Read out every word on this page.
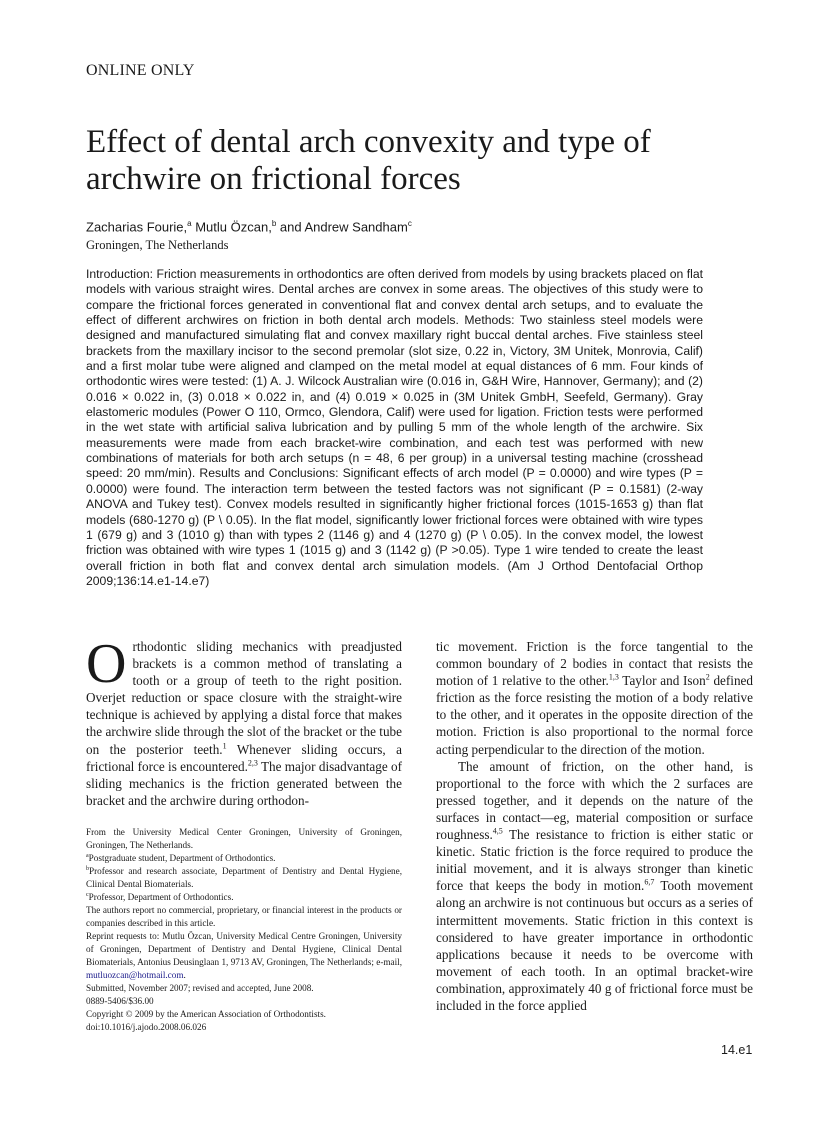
ONLINE ONLY
Effect of dental arch convexity and type of archwire on frictional forces
Zacharias Fourie,$^a$ Mutlu Özcan,$^b$ and Andrew Sandham$^c$
Groningen, The Netherlands

Introduction: Friction measurements in orthodontics are often derived from models by using brackets placed on flat models with various straight wires. Dental arches are convex in some areas. The objectives of this study were to compare the frictional forces generated in conventional flat and convex dental arch setups, and to evaluate the effect of different archwires on friction in both dental arch models. Methods: Two stainless steel models were designed and manufactured simulating flat and convex maxillary right buccal dental arches. Five stainless steel brackets from the maxillary incisor to the second premolar (slot size, 0.22 in, Victory, 3M Unitek, Monrovia, Calif) and a first molar tube were aligned and clamped on the metal model at equal distances of 6 mm. Four kinds of orthodontic wires were tested: (1) A. J. Wilcock Australian wire (0.016 in, G&H Wire, Hannover, Germany); and (2) 0.016 × 0.022 in, (3) 0.018 × 0.022 in, and (4) 0.019 × 0.025 in (3M Unitek GmbH, Seefeld, Germany). Gray elastomeric modules (Power O 110, Ormco, Glendora, Calif) were used for ligation. Friction tests were performed in the wet state with artificial saliva lubrication and by pulling 5 mm of the whole length of the archwire. Six measurements were made from each bracket-wire combination, and each test was performed with new combinations of materials for both arch setups (n = 48, 6 per group) in a universal testing machine (crosshead speed: 20 mm/min). Results and Conclusions: Significant effects of arch model (P = 0.0000) and wire types (P = 0.0000) were found. The interaction term between the tested factors was not significant (P = 0.1581) (2-way ANOVA and Tukey test). Convex models resulted in significantly higher frictional forces (1015-1653 g) than flat models (680-1270 g) (P \ 0.05). In the flat model, significantly lower frictional forces were obtained with wire types 1 (679 g) and 3 (1010 g) than with types 2 (1146 g) and 4 (1270 g) (P \ 0.05). In the convex model, the lowest friction was obtained with wire types 1 (1015 g) and 3 (1142 g) (P >0.05). Type 1 wire tended to create the least overall friction in both flat and convex dental arch simulation models. (Am J Orthod Dentofacial Orthop 2009;136:14.e1-14.e7)

Orthodontic sliding mechanics with preadjusted brackets is a common method of translating a tooth or a group of teeth to the right position. Overjet reduction or space closure with the straight-wire technique is achieved by applying a distal force that makes the archwire slide through the slot of the bracket or the tube on the posterior teeth.$^1$ Whenever sliding occurs, a frictional force is encountered.$^{2,3}$ The major disadvantage of sliding mechanics is the friction generated between the bracket and the archwire during orthodon-

tic movement. Friction is the force tangential to the common boundary of 2 bodies in contact that resists the motion of 1 relative to the other.$^{1,3}$ Taylor and Ison$^2$ defined friction as the force resisting the motion of a body relative to the other, and it operates in the opposite direction of the motion. Friction is also proportional to the normal force acting perpendicular to the direction of the motion.

The amount of friction, on the other hand, is proportional to the force with which the 2 surfaces are pressed together, and it depends on the nature of the surfaces in contact—eg, material composition or surface roughness.$^{4,5}$ The resistance to friction is either static or kinetic. Static friction is the force required to produce the initial movement, and it is always stronger than kinetic force that keeps the body in motion.$^{6,7}$ Tooth movement along an archwire is not continuous but occurs as a series of intermittent movements. Static friction in this context is considered to have greater importance in orthodontic applications because it needs to be overcome with movement of each tooth. In an optimal bracket-wire combination, approximately 40 g of frictional force must be included in the force applied

From the University Medical Center Groningen, University of Groningen, Groningen, The Netherlands.

$^a$Postgraduate student, Department of Orthodontics.

$^b$Professor and research associate, Department of Dentistry and Dental Hygiene, Clinical Dental Biomaterials.

$^c$Professor, Department of Orthodontics.

The authors report no commercial, proprietary, or financial interest in the products or companies described in this article.

Reprint requests to: Mutlu Özcan, University Medical Centre Groningen, University of Groningen, Department of Dentistry and Dental Hygiene, Clinical Dental Biomaterials, Antonius Deusinglaan 1, 9713 AV, Groningen, The Netherlands; e-mail, mutluozcan@hotmail.com.

Submitted, November 2007; revised and accepted, June 2008.

0889-5406/$36.00

Copyright © 2009 by the American Association of Orthodontists.

doi:10.1016/j.ajodo.2008.06.026

14.e1
